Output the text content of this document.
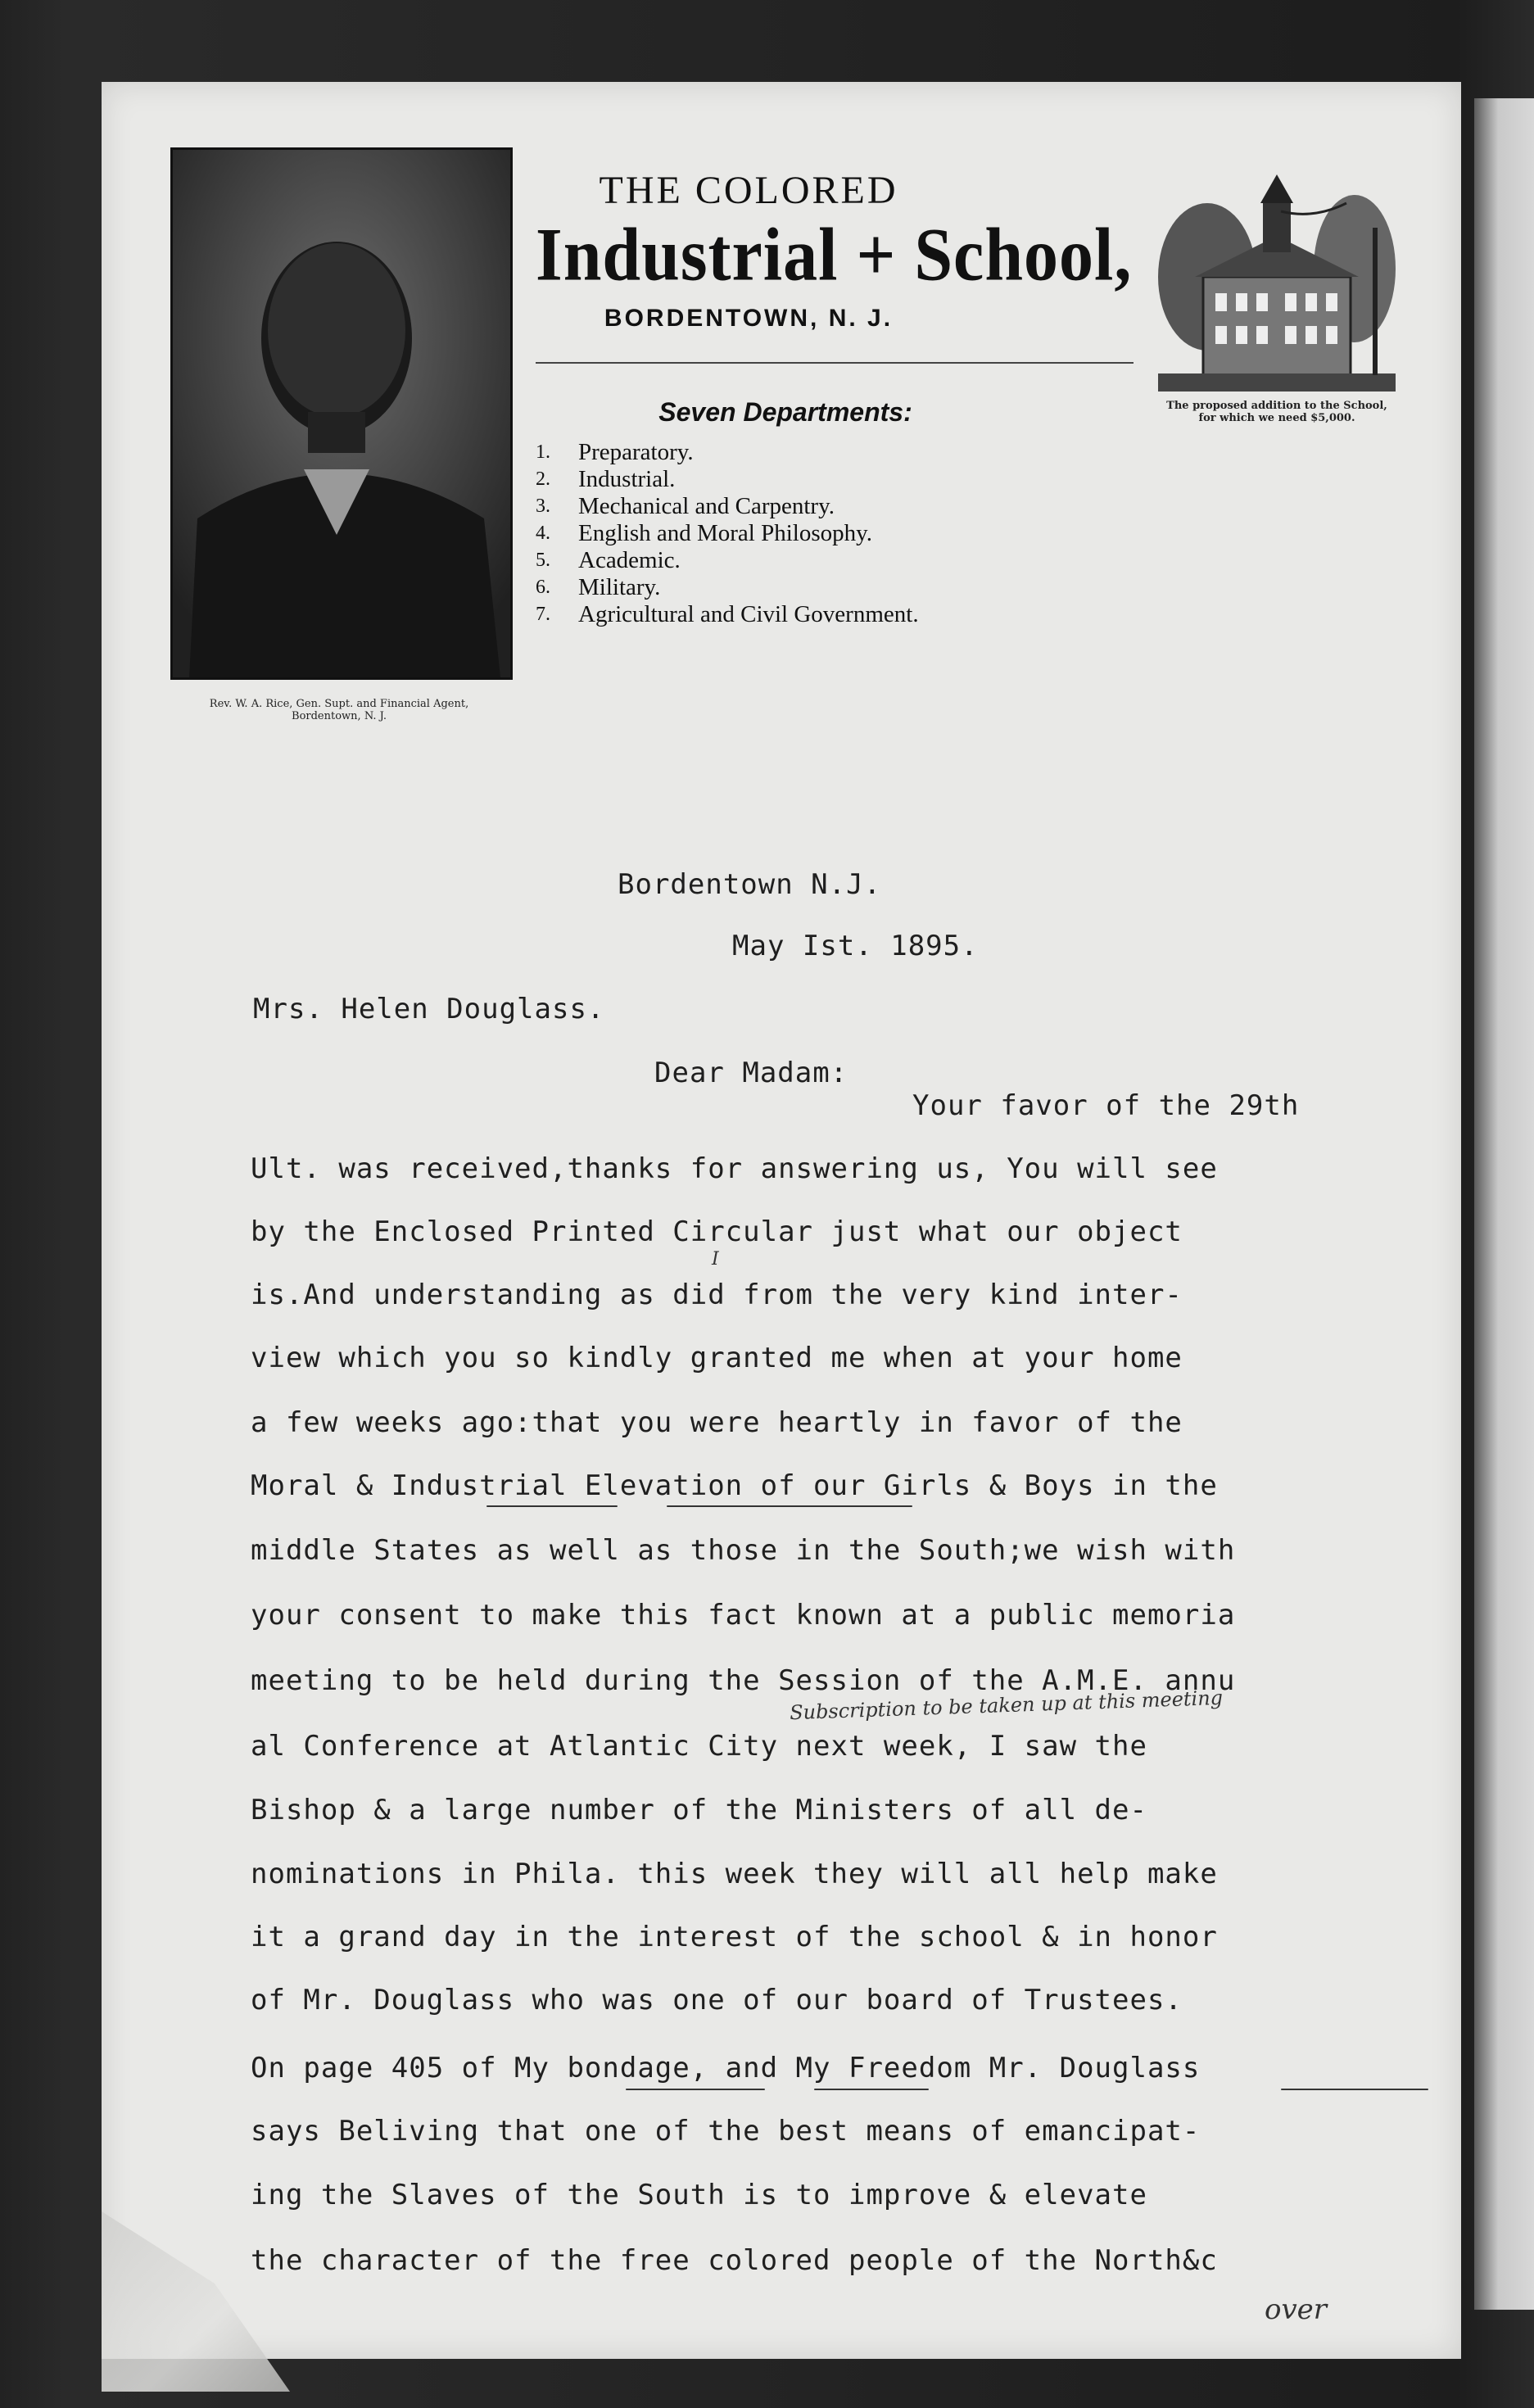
Rev. W. A. Rice, Gen. Supt. and Financial Agent,
Bordentown, N. J.
THE COLORED
Industrial + School,
BORDENTOWN, N. J.
Seven Departments:
1.	Preparatory.
2.	Industrial.
3.	Mechanical and Carpentry.
4.	English and Moral Philosophy.
5.	Academic.
6.	Military.
7.	Agricultural and Civil Government.
The proposed addition to the School,
for which we need $5,000.
Bordentown N.J.
May Ist. 1895.
Mrs. Helen Douglass.
Dear Madam:
Your favor of the 29th
Ult. was received,thanks for answering us, You will see
by the Enclosed Printed Circular just what our object
is.And understanding as did from the very kind inter-
view which you so kindly granted me when at your home
a few weeks ago:that you were heartly in favor of the
Moral & Industrial Elevation of our Girls & Boys in the
middle States as well as those in the South;we wish with
your consent to make this fact known at a public memoria
meeting to be held during the Session of the A.M.E. annu
al Conference at Atlantic City next week, I saw the
Bishop & a large number of the Ministers of all de-
nominations in Phila. this week they will all help make
it a grand day in the interest of the school & in honor
of Mr. Douglass who was one of our board of Trustees.
On page 405 of My bondage, and My Freedom Mr. Douglass
says Beliving that one of the best means of emancipat-
ing the Slaves of the South is to improve & elevate
the character of the free colored people of the North&c
Subscription to be taken up at this meeting
I
over
